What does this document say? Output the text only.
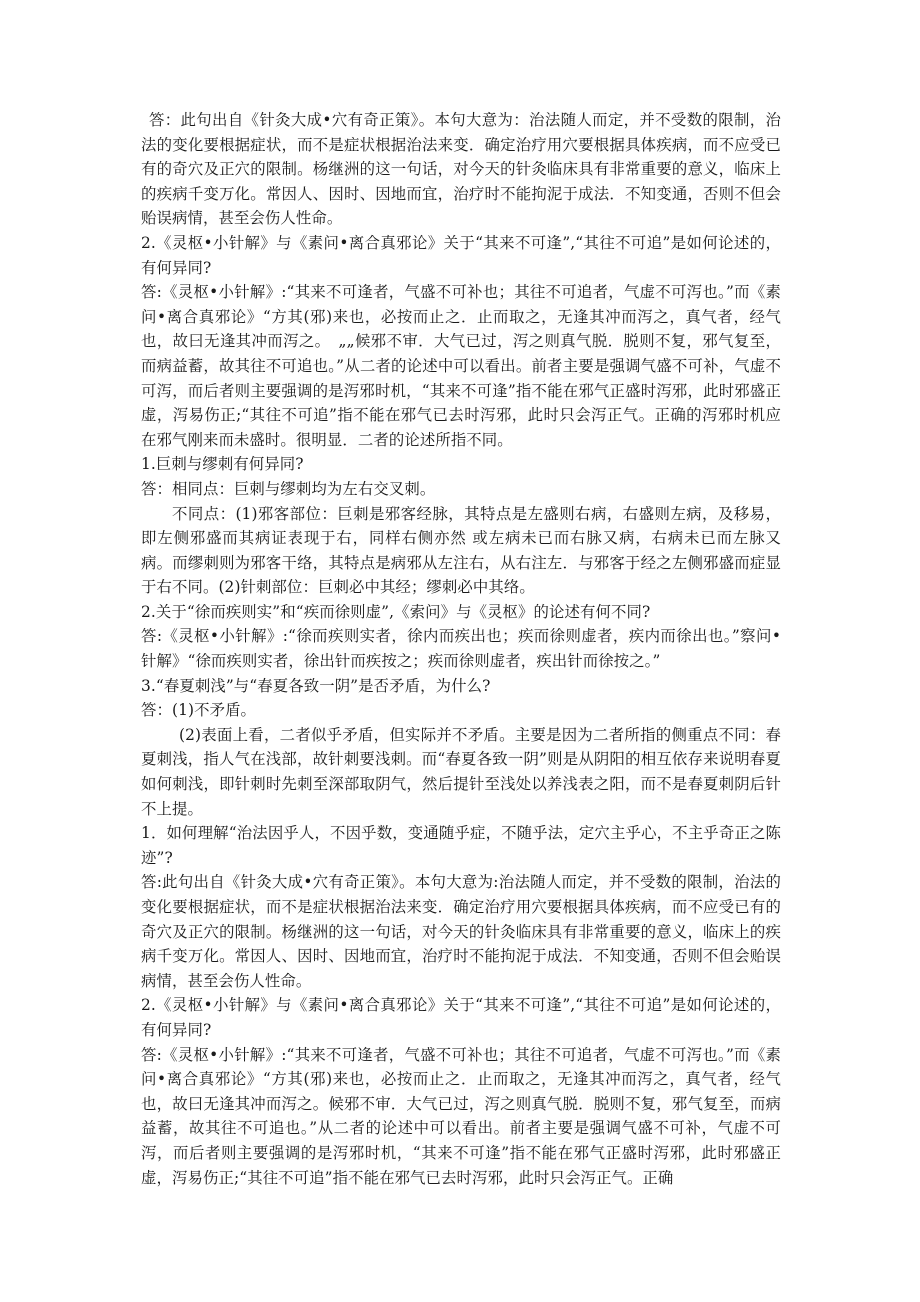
答：此句出自《针灸大成•穴有奇正策》。本句大意为：治法随人而定，并不受数的限制，治法的变化要根据症状，而不是症状根据治法来变．确定治疗用穴要根据具体疾病，而不应受已有的奇穴及正穴的限制。杨继洲的这一句话，对今天的针灸临床具有非常重要的意义，临床上的疾病千变万化。常因人、因时、因地而宜，治疗时不能拘泥于成法．不知变通，否则不但会贻误病情，甚至会伤人性命。

2.《灵枢•小针解》与《素问•离合真邪论》关于“其来不可逢”,“其往不可追”是如何论述的，有何异同?

答:《灵枢•小针解》:“其来不可逢者，气盛不可补也；其往不可追者，气虚不可泻也。”而《素问•离合真邪论》“方其(邪)来也，必按而止之．止而取之，无逢其冲而泻之，真气者，经气也，故曰无逢其冲而泻之。　„„候邪不审．大气已过，泻之则真气脱．脱则不复，邪气复至，而病益蓄，故其往不可追也。”从二者的论述中可以看出。前者主要是强调气盛不可补，气虚不可泻，而后者则主要强调的是泻邪时机，“其来不可逢”指不能在邪气正盛时泻邪，此时邪盛正虚，泻易伤正;“其往不可追”指不能在邪气已去时泻邪，此时只会泻正气。正确的泻邪时机应在邪气刚来而未盛时。很明显．二者的论述所指不同。

1.巨刺与缪刺有何异同?

答：相同点：巨刺与缪刺均为左右交叉刺。

不同点：(1)邪客部位：巨刺是邪客经脉，其特点是左盛则右病，右盛则左病，及移易，即左侧邪盛而其病证表现于右，同样右侧亦然 或左病未已而右脉又病，右病未已而左脉又病。而缪刺则为邪客干络，其特点是病邪从左注右，从右注左．与邪客于经之左侧邪盛而症显于右不同。(2)针刺部位：巨刺必中其经；缪刺必中其络。

2.关于“徐而疾则实”和“疾而徐则虚”,《索问》与《灵枢》的论述有何不同?

答:《灵枢•小针解》:“徐而疾则实者，徐内而疾出也；疾而徐则虚者，疾内而徐出也。”察问•针解》“徐而疾则实者，徐出针而疾按之；疾而徐则虚者，疾出针而徐按之。”

3.“春夏刺浅”与“春夏各致一阴”是否矛盾，为什么?

答：(1)不矛盾。

(2)表面上看，二者似乎矛盾，但实际并不矛盾。主要是因为二者所指的侧重点不同：春夏刺浅，指人气在浅部，故针刺要浅刺。而“春夏各致一阴”则是从阴阳的相互依存来说明春夏如何刺浅，即针刺时先刺至深部取阴气，然后提针至浅处以养浅表之阳，而不是春夏刺阴后针不上提。

1．如何理解“治法因乎人，不因乎数，变通随乎症，不随乎法，定穴主乎心，不主乎奇正之陈迹”?

答:此句出自《针灸大成•穴有奇正策》。本句大意为:治法随人而定，并不受数的限制，治法的变化要根据症状，而不是症状根据治法来变．确定治疗用穴要根据具体疾病，而不应受已有的奇穴及正穴的限制。杨继洲的这一句话，对今天的针灸临床具有非常重要的意义，临床上的疾病千变万化。常因人、因时、因地而宜，治疗时不能拘泥于成法．不知变通，否则不但会贻误病情，甚至会伤人性命。

2.《灵枢•小针解》与《素问•离合真邪论》关于“其来不可逢”,“其往不可追”是如何论述的，有何异同?

答:《灵枢•小针解》:“其来不可逢者，气盛不可补也；其往不可追者，气虚不可泻也。”而《素问•离合真邪论》“方其(邪)来也，必按而止之．止而取之，无逢其冲而泻之，真气者，经气也，故曰无逢其冲而泻之。候邪不审．大气已过，泻之则真气脱．脱则不复，邪气复至，而病益蓄，故其往不可追也。”从二者的论述中可以看出。前者主要是强调气盛不可补，气虚不可泻，而后者则主要强调的是泻邪时机，“其来不可逢”指不能在邪气正盛时泻邪，此时邪盛正虚，泻易伤正;“其往不可追”指不能在邪气已去时泻邪，此时只会泻正气。正确
